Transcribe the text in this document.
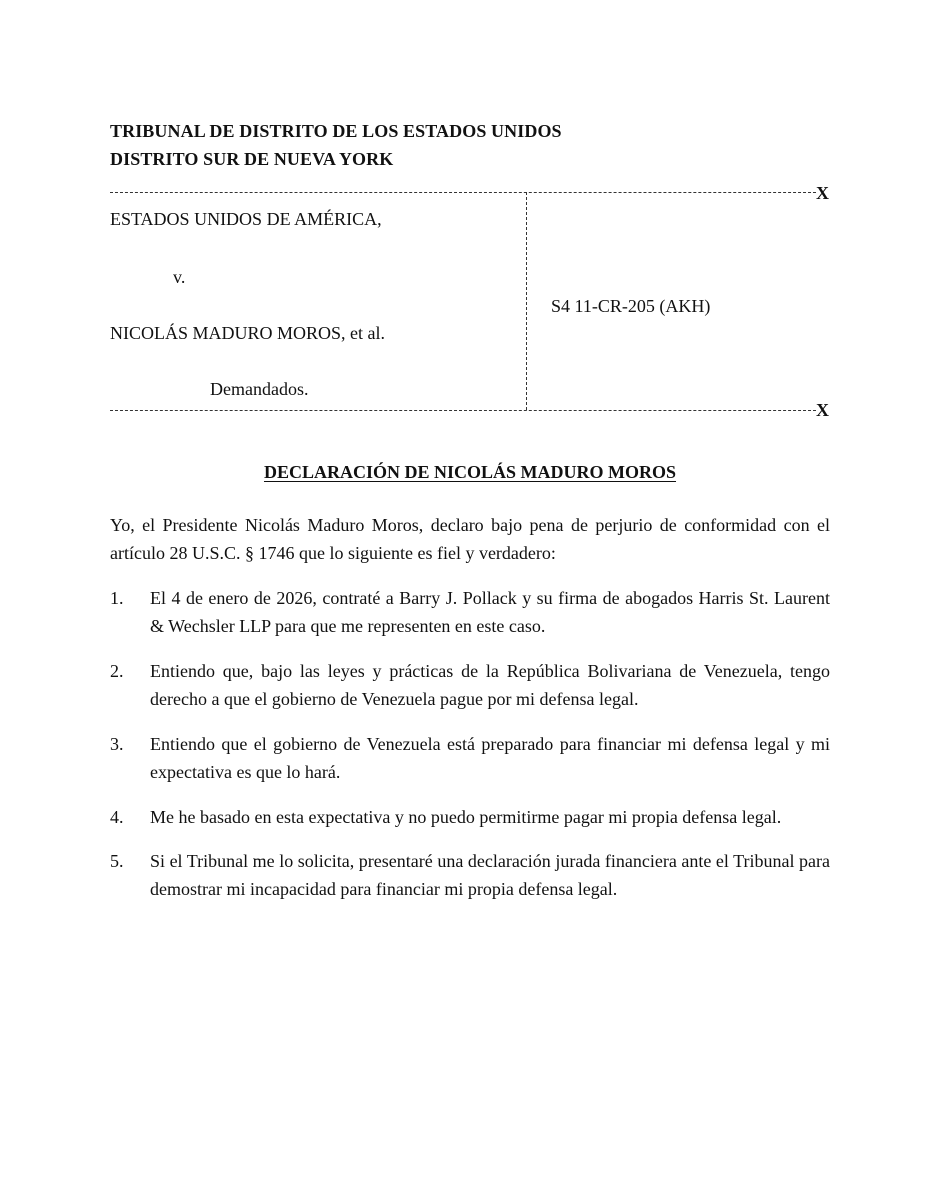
TRIBUNAL DE DISTRITO DE LOS ESTADOS UNIDOS
DISTRITO SUR DE NUEVA YORK
X
ESTADOS UNIDOS DE AMÉRICA,
v.
NICOLÁS MADURO MOROS, et al.
Demandados.
S4 11-CR-205 (AKH)
X
DECLARACIÓN DE NICOLÁS MADURO MOROS
Yo, el Presidente Nicolás Maduro Moros, declaro bajo pena de perjurio de conformidad con el artículo 28 U.S.C. § 1746 que lo siguiente es fiel y verdadero:
1.	El 4 de enero de 2026, contraté a Barry J. Pollack y su firma de abogados Harris St. Laurent & Wechsler LLP para que me representen en este caso.
2.	Entiendo que, bajo las leyes y prácticas de la República Bolivariana de Venezuela, tengo derecho a que el gobierno de Venezuela pague por mi defensa legal.
3.	Entiendo que el gobierno de Venezuela está preparado para financiar mi defensa legal y mi expectativa es que lo hará.
4.	Me he basado en esta expectativa y no puedo permitirme pagar mi propia defensa legal.
5.	Si el Tribunal me lo solicita, presentaré una declaración jurada financiera ante el Tribunal para demostrar mi incapacidad para financiar mi propia defensa legal.
